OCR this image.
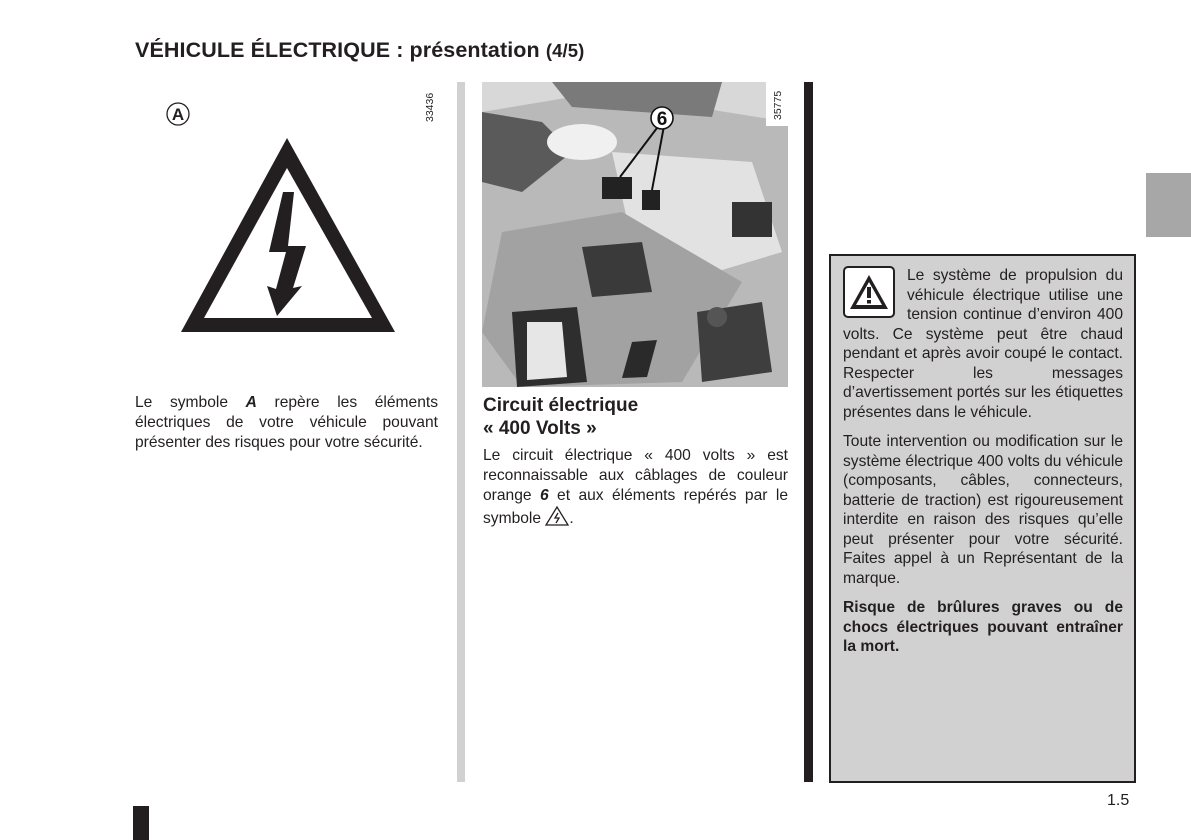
VÉHICULE ÉLECTRIQUE : présentation (4/5)
A	33436
Le symbole A repère les éléments électriques de votre véhicule pouvant présenter des risques pour votre sécurité.
6	35775
Circuit électrique
« 400 Volts »
Le circuit électrique « 400 volts » est reconnaissable aux câblages de couleur orange 6 et aux éléments repérés par le symbole .

Le système de propulsion du véhicule électrique utilise une tension continue d’environ 400 volts. Ce système peut être chaud pendant et après avoir coupé le contact. Respecter les messages d’avertissement portés sur les étiquettes présentes dans le véhicule.

Toute intervention ou modification sur le système électrique 400 volts du véhicule (composants, câbles, connecteurs, batterie de traction) est rigoureusement interdite en raison des risques qu’elle peut présenter pour votre sécurité. Faites appel à un Représentant de la marque.

Risque de brûlures graves ou de chocs électriques pouvant entraîner la mort.

1.5
